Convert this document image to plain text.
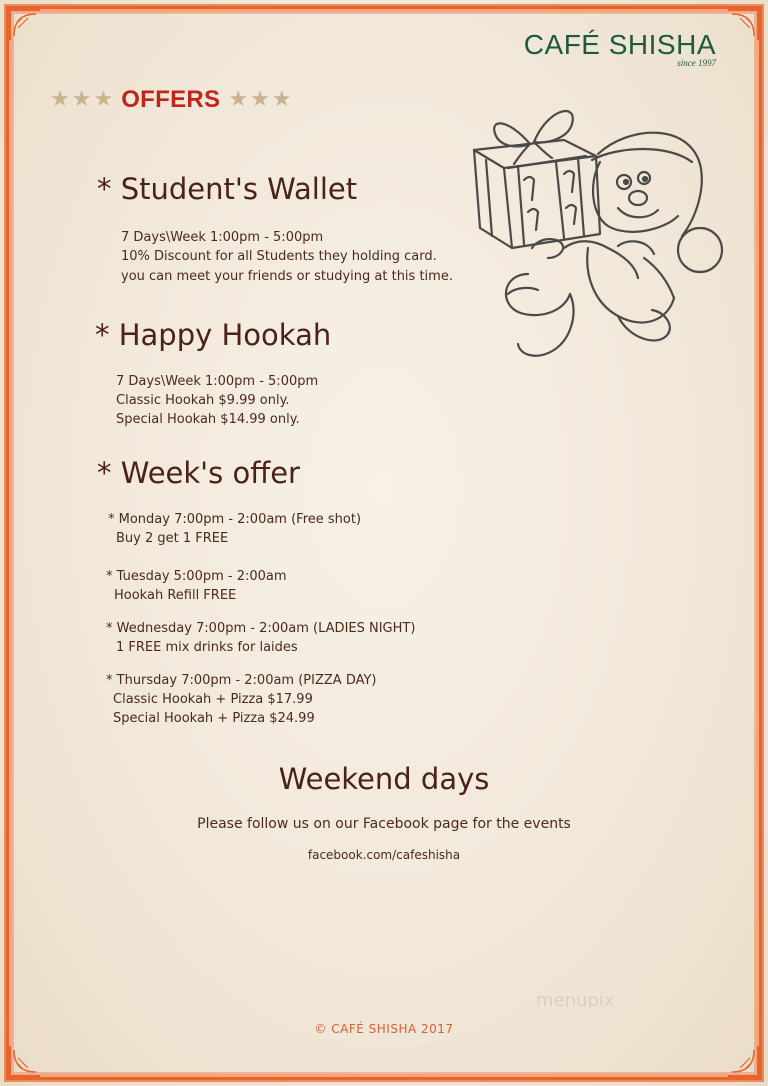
CAFÉ SHISHA
since 1997
★ ★ ★ OFFERS ★ ★ ★
* Student's Wallet
7 Days\Week 1:00pm - 5:00pm
10% Discount for all Students they holding card.
you can meet your friends or studying at this time.
* Happy Hookah
7 Days\Week 1:00pm - 5:00pm
Classic Hookah $9.99 only.
Special Hookah $14.99 only.
* Week's offer
* Monday 7:00pm - 2:00am (Free shot)
Buy 2 get 1 FREE
* Tuesday 5:00pm - 2:00am
Hookah Refill FREE
* Wednesday 7:00pm - 2:00am (LADIES NIGHT)
1 FREE mix drinks for laides
* Thursday 7:00pm - 2:00am (PIZZA DAY)
Classic Hookah + Pizza $17.99
Special Hookah + Pizza $24.99
Weekend days
Please follow us on our Facebook page for the events
facebook.com/cafeshisha
menupix
© CAFÉ SHISHA 2017
